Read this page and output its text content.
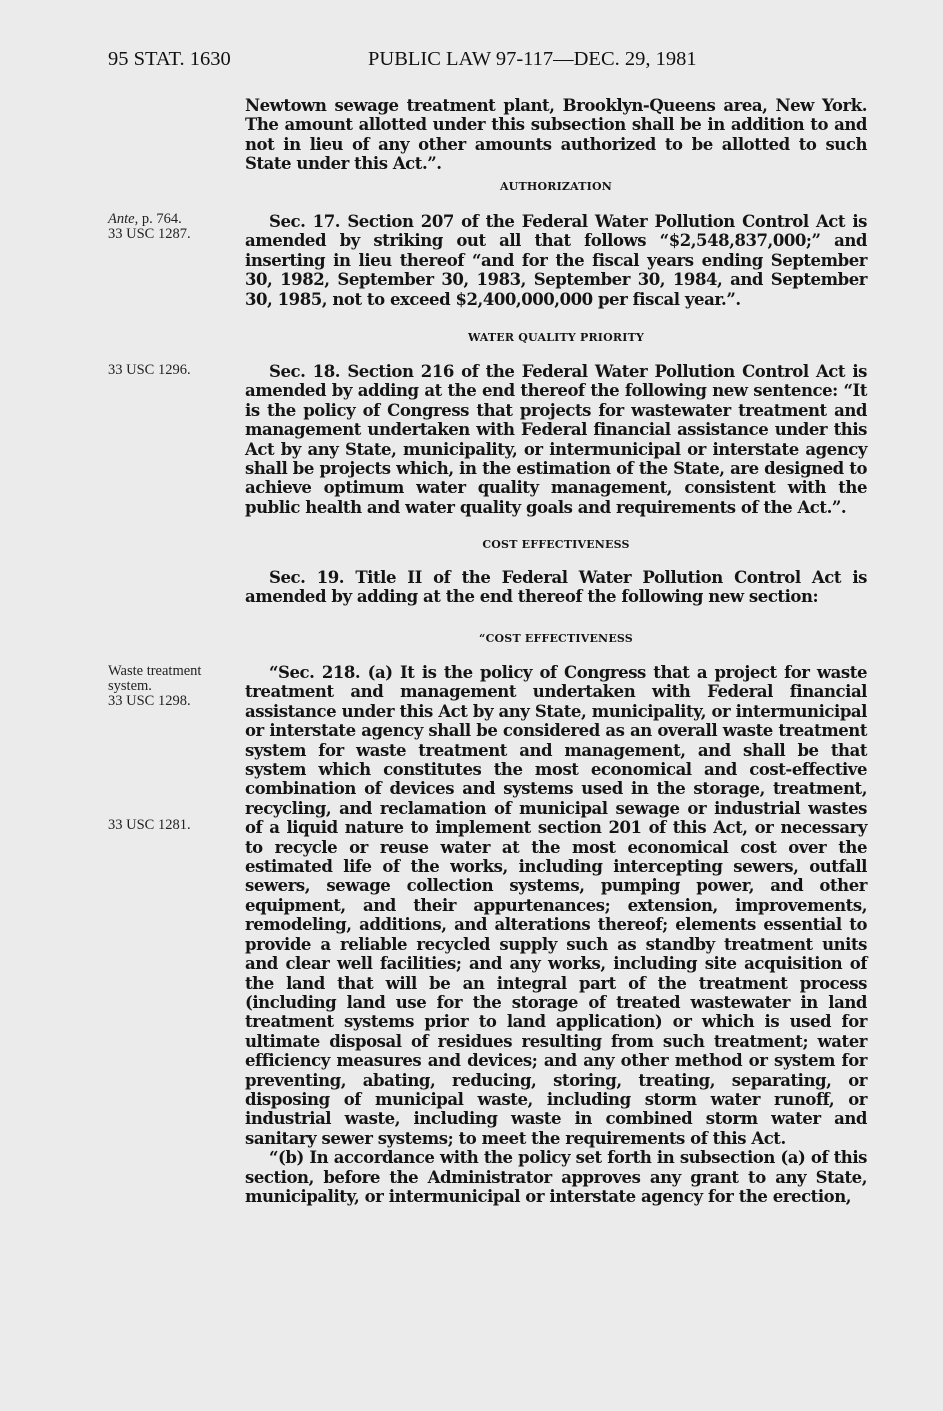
95 STAT. 1630	PUBLIC LAW 97-117—DEC. 29, 1981
Ante, p. 764.
33 USC 1287.
33 USC 1296.
Waste treatment
system.
33 USC 1298.
33 USC 1281.

Newtown sewage treatment plant, Brooklyn-Queens area, New York. The amount allotted under this subsection shall be in addition to and not in lieu of any other amounts authorized to be allotted to such State under this Act.”.

AUTHORIZATION

Sec. 17. Section 207 of the Federal Water Pollution Control Act is amended by striking out all that follows “$2,548,837,000;” and inserting in lieu thereof “and for the fiscal years ending September 30, 1982, September 30, 1983, September 30, 1984, and September 30, 1985, not to exceed $2,400,000,000 per fiscal year.”.

WATER QUALITY PRIORITY

Sec. 18. Section 216 of the Federal Water Pollution Control Act is amended by adding at the end thereof the following new sentence: “It is the policy of Congress that projects for wastewater treatment and management undertaken with Federal financial assistance under this Act by any State, municipality, or intermunicipal or interstate agency shall be projects which, in the estimation of the State, are designed to achieve optimum water quality management, consistent with the public health and water quality goals and requirements of the Act.”.

COST EFFECTIVENESS

Sec. 19. Title II of the Federal Water Pollution Control Act is amended by adding at the end thereof the following new section:

“COST EFFECTIVENESS

“Sec. 218. (a) It is the policy of Congress that a project for waste treatment and management undertaken with Federal financial assistance under this Act by any State, municipality, or intermunicipal or interstate agency shall be considered as an overall waste treatment system for waste treatment and management, and shall be that system which constitutes the most economical and cost-effective combination of devices and systems used in the storage, treatment, recycling, and reclamation of municipal sewage or industrial wastes of a liquid nature to implement section 201 of this Act, or necessary to recycle or reuse water at the most economical cost over the estimated life of the works, including intercepting sewers, outfall sewers, sewage collection systems, pumping power, and other equipment, and their appurtenances; extension, improvements, remodeling, additions, and alterations thereof; elements essential to provide a reliable recycled supply such as standby treatment units and clear well facilities; and any works, including site acquisition of the land that will be an integral part of the treatment process (including land use for the storage of treated wastewater in land treatment systems prior to land application) or which is used for ultimate disposal of residues resulting from such treatment; water efficiency measures and devices; and any other method or system for preventing, abating, reducing, storing, treating, separating, or disposing of municipal waste, including storm water runoff, or industrial waste, including waste in combined storm water and sanitary sewer systems; to meet the requirements of this Act.

“(b) In accordance with the policy set forth in subsection (a) of this section, before the Administrator approves any grant to any State, municipality, or intermunicipal or interstate agency for the erection,
